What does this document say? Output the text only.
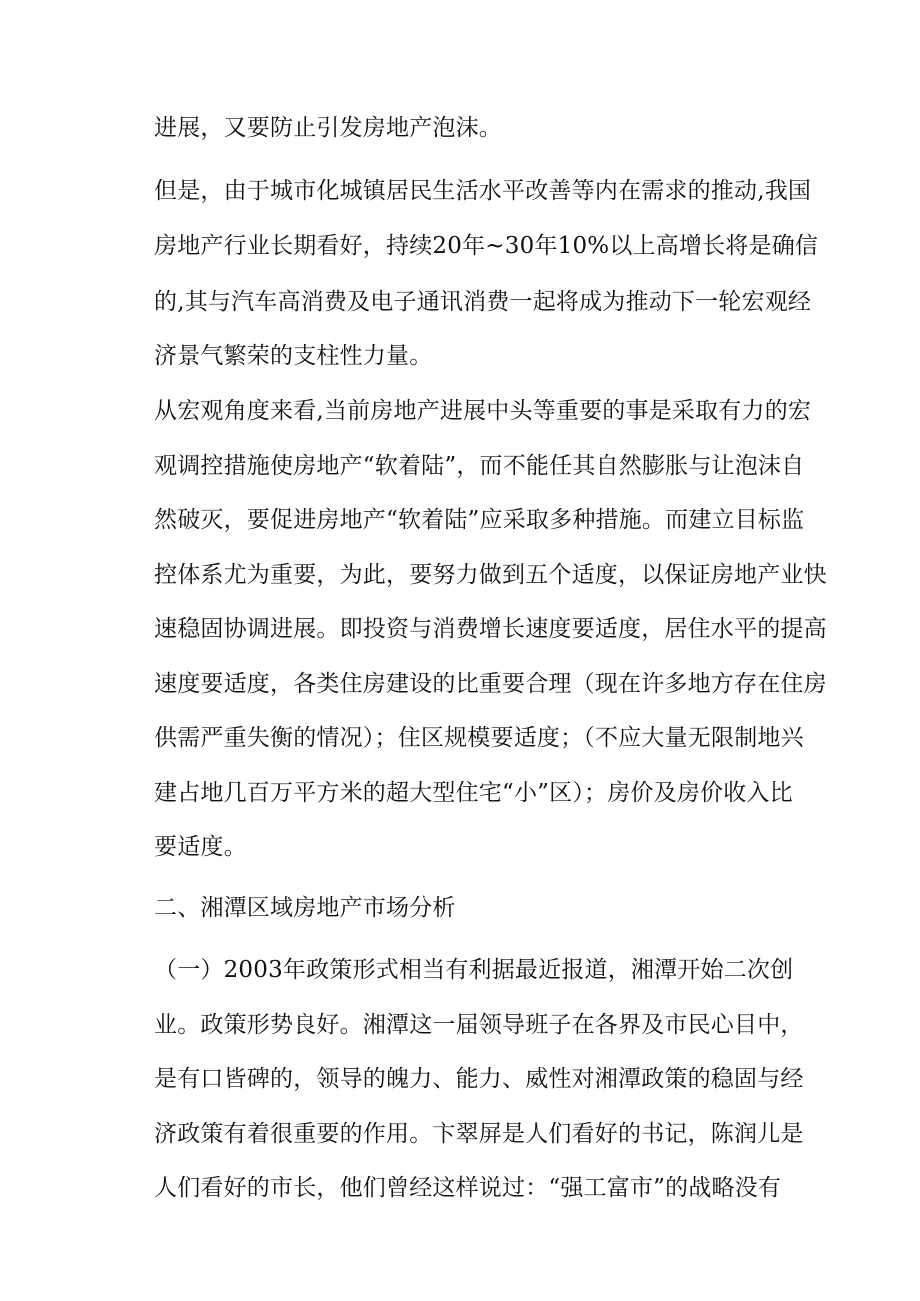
进展，又要防止引发房地产泡沫。
但是，由于城市化城镇居民生活水平改善等内在需求的推动,我国
房地产行业长期看好，持续20年~30年10%以上高增长将是确信
的,其与汽车高消费及电子通讯消费一起将成为推动下一轮宏观经
济景气繁荣的支柱性力量。
从宏观角度来看,当前房地产进展中头等重要的事是采取有力的宏
观调控措施使房地产“软着陆”，而不能任其自然膨胀与让泡沫自
然破灭，要促进房地产“软着陆”应采取多种措施。而建立目标监
控体系尤为重要，为此，要努力做到五个适度，以保证房地产业快
速稳固协调进展。即投资与消费增长速度要适度，居住水平的提高
速度要适度，各类住房建设的比重要合理（现在许多地方存在住房
供需严重失衡的情况）；住区规模要适度；（不应大量无限制地兴
建占地几百万平方米的超大型住宅“小”区）；房价及房价收入比
要适度。
二、湘潭区域房地产市场分析
（一）2003年政策形式相当有利据最近报道，湘潭开始二次创
业。政策形势良好。湘潭这一届领导班子在各界及市民心目中，
是有口皆碑的，领导的魄力、能力、威性对湘潭政策的稳固与经
济政策有着很重要的作用。卞翠屏是人们看好的书记，陈润儿是
人们看好的市长，他们曾经这样说过：“强工富市”的战略没有
